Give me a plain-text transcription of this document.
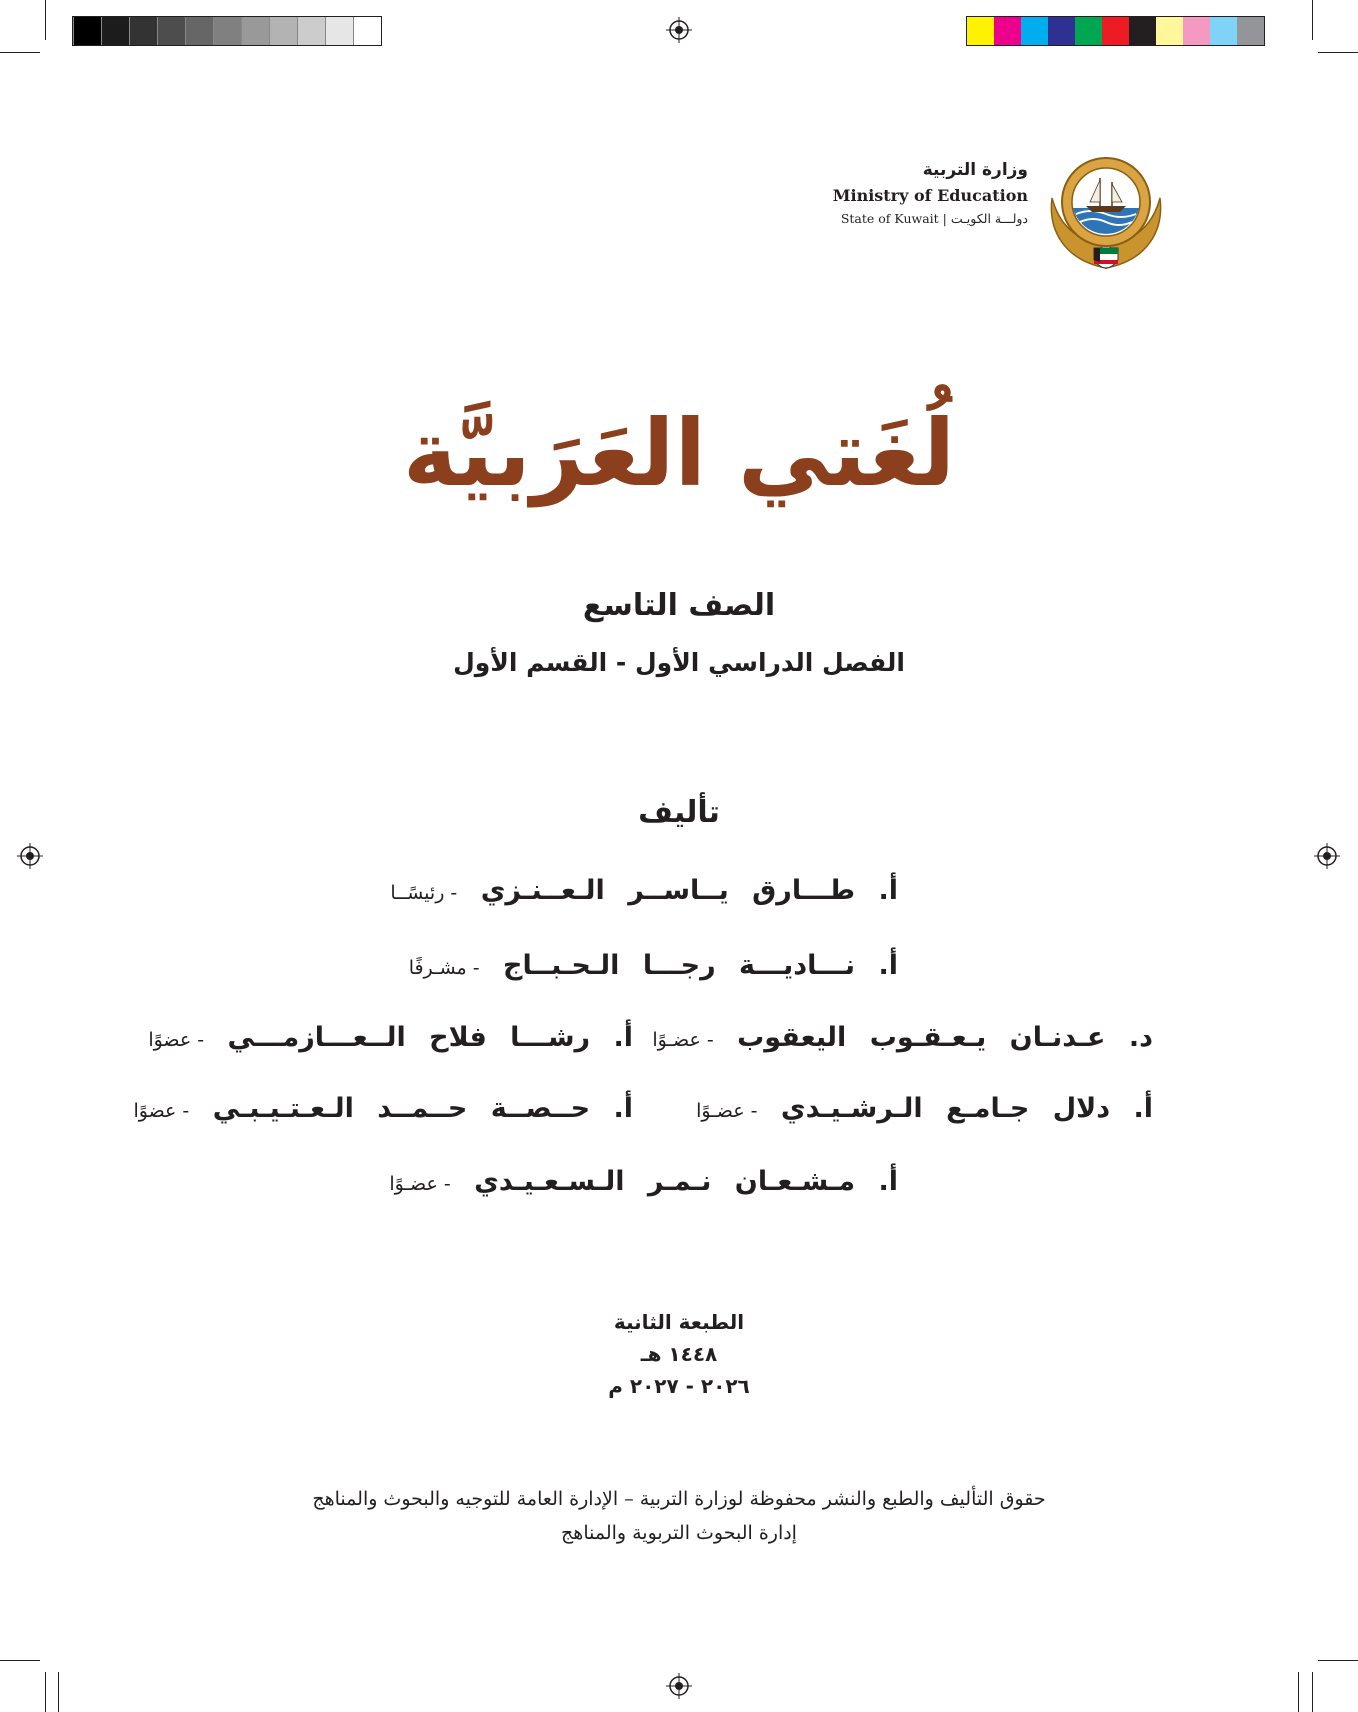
وزارة التربية
Ministry of Education
State of Kuwait | دولـــة الكويـت
لُغَتي العَرَبيَّة
الصف التاسع
الفصل الدراسي الأول - القسم الأول
تأليف
أ. طـــارق يــاســر الـعــنـزي - رئيسًــا
أ. نـــاديـــة رجـــا الـحـبــاج - مشـرفًا
د. عـدنـان يـعـقـوب اليعقوب - عضـوًا
أ. رشـــا فلاح الــعـــازمـــي - عضوًا
أ. دلال جـامـع الـرشـيـدي - عضـوًا
أ. حــصــة حــمــد الـعـتـيـبـي - عضوًا
أ. مـشـعـان نـمـر الـسـعـيـدي - عضـوًا
الطبعة الثانية
١٤٤٨ هـ
٢٠٢٦ - ٢٠٢٧ م
حقوق التأليف والطبع والنشر محفوظة لوزارة التربية – الإدارة العامة للتوجيه والبحوث والمناهج
إدارة البحوث التربوية والمناهج
